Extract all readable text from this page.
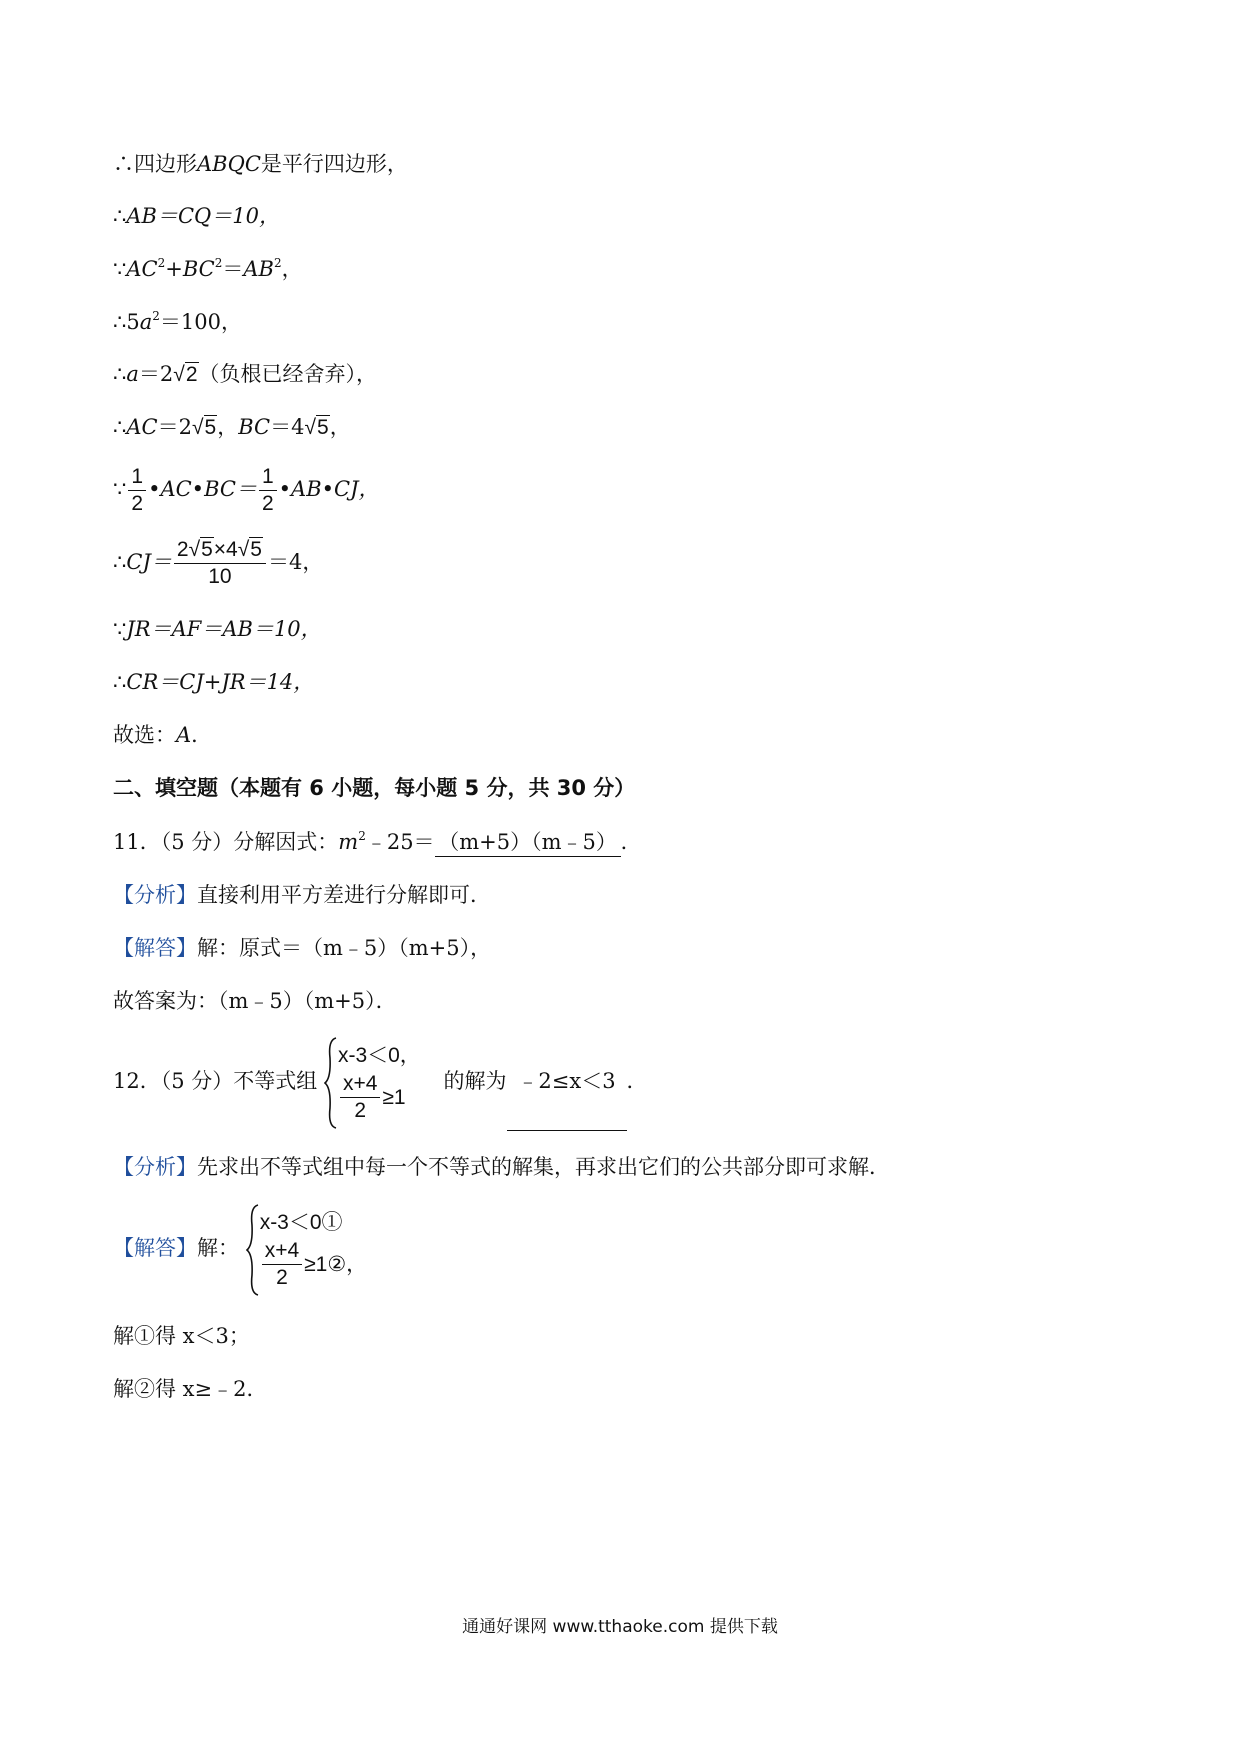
∴四边形ABQC是平行四边形，
∴AB＝CQ＝10，
$\because AC^2+BC^2=AB^2$，
$\therefore 5a^2=100$，
∴a＝2√2（负根已经舍弃），
∴AC＝2√5，BC＝4√5，
∵ $\frac{1}{2}$ •AC•BC＝ $\frac{1}{2}$ •AB•CJ，
∴CJ＝ $\frac{2√5\times 4√5}{10} =4$，
∵JR＝AF＝AB＝10，
∴CR＝CJ+JR＝14，
故选：A．
二、填空题（本题有 6 小题，每小题 5 分，共 30 分）
11．（5 分）分解因式：$m^2﹣25=$ （m+5）（m﹣5） ．
【分析】直接利用平方差进行分解即可．
【解答】解：原式＝（m﹣5）（m+5），
故答案为：（m﹣5）（m+5）．
12．（5 分）不等式组
x-3＜0，
$\frac{x+4}{2} \ge 1$
的解为 ﹣2≤x＜3 ．
【分析】先求出不等式组中每一个不等式的解集，再求出它们的公共部分即可求解．
【解答】解：
x-3＜0①
$\frac{x+4}{2}$ ≥1② ，
解①得 x＜3；
解②得 x≥﹣2．
通通好课网 www.tthaoke.com 提供下载
